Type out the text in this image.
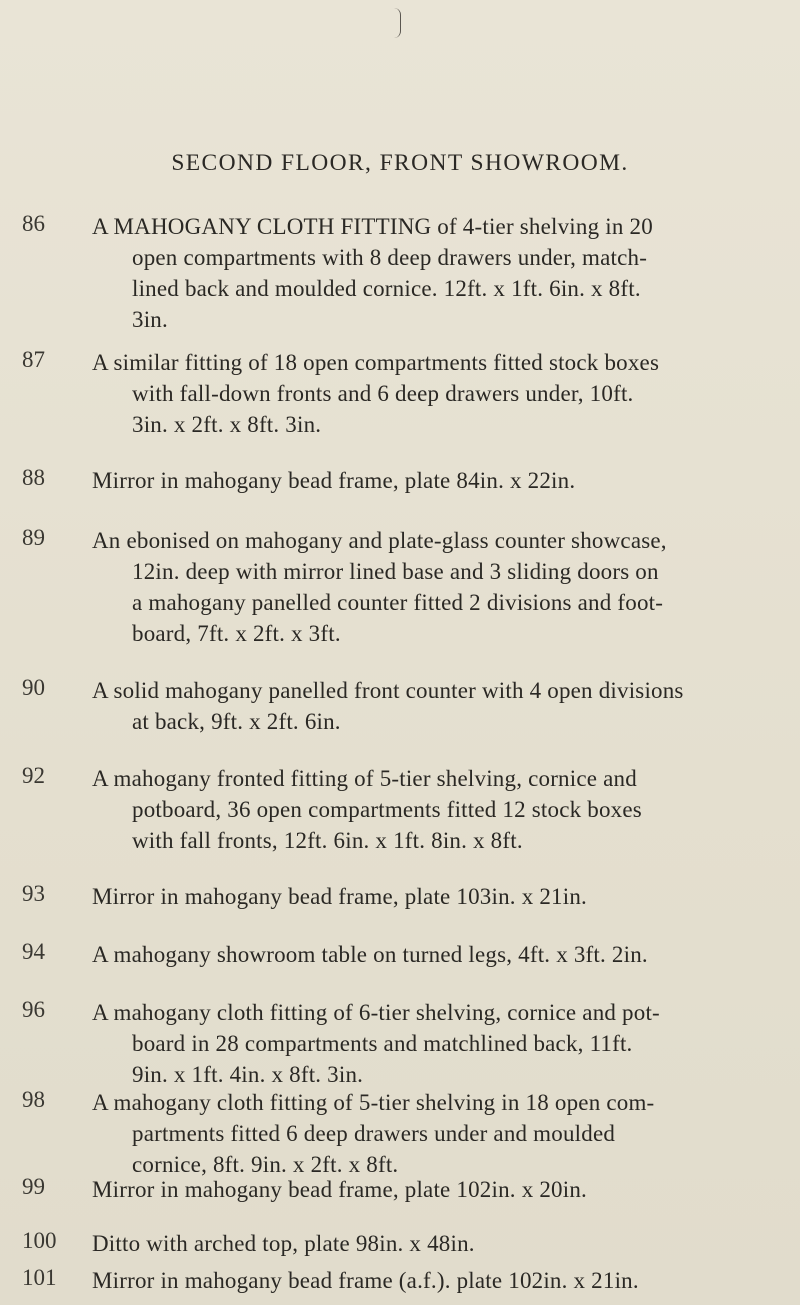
SECOND FLOOR, FRONT SHOWROOM.
86 A MAHOGANY CLOTH FITTING of 4-tier shelving in 20
open compartments with 8 deep drawers under, match-
lined back and moulded cornice. 12ft. x 1ft. 6in. x 8ft.
3in.
87 A similar fitting of 18 open compartments fitted stock boxes
with fall-down fronts and 6 deep drawers under, 10ft.
3in. x 2ft. x 8ft. 3in.
88 Mirror in mahogany bead frame, plate 84in. x 22in.
89 An ebonised on mahogany and plate-glass counter showcase,
12in. deep with mirror lined base and 3 sliding doors on
a mahogany panelled counter fitted 2 divisions and foot-
board, 7ft. x 2ft. x 3ft.
90 A solid mahogany panelled front counter with 4 open divisions
at back, 9ft. x 2ft. 6in.
92 A mahogany fronted fitting of 5-tier shelving, cornice and
potboard, 36 open compartments fitted 12 stock boxes
with fall fronts, 12ft. 6in. x 1ft. 8in. x 8ft.
93 Mirror in mahogany bead frame, plate 103in. x 21in.
94 A mahogany showroom table on turned legs, 4ft. x 3ft. 2in.
96 A mahogany cloth fitting of 6-tier shelving, cornice and pot-
board in 28 compartments and matchlined back, 11ft.
9in. x 1ft. 4in. x 8ft. 3in.
98 A mahogany cloth fitting of 5-tier shelving in 18 open com-
partments fitted 6 deep drawers under and moulded
cornice, 8ft. 9in. x 2ft. x 8ft.
99 Mirror in mahogany bead frame, plate 102in. x 20in.
100 Ditto with arched top, plate 98in. x 48in.
101 Mirror in mahogany bead frame (a.f.). plate 102in. x 21in.
